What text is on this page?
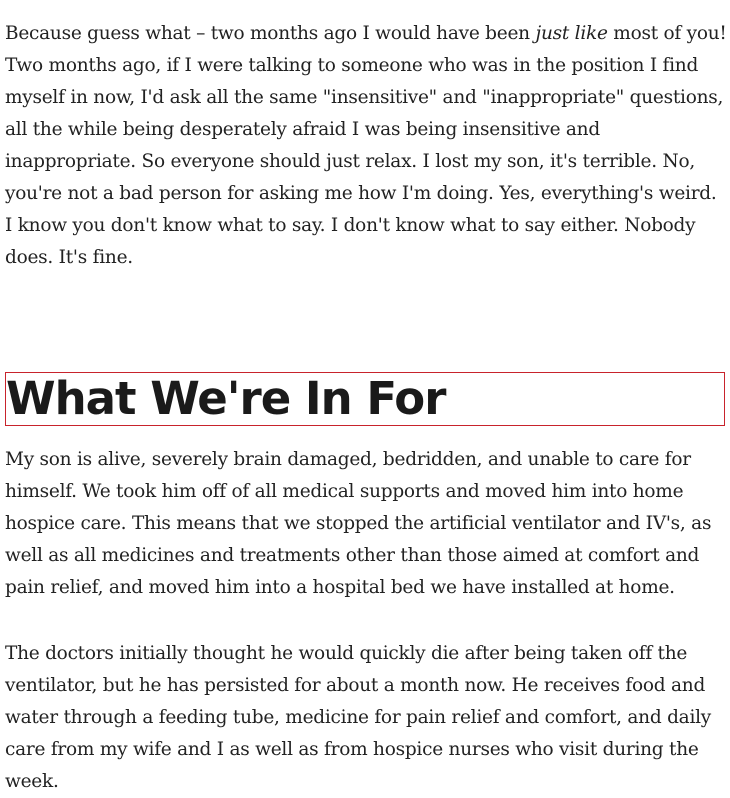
Because guess what – two months ago I would have been just like most of you! Two months ago, if I were talking to someone who was in the position I find myself in now, I'd ask all the same "insensitive" and "inappropriate" questions, all the while being desperately afraid I was being insensitive and inappropriate. So everyone should just relax. I lost my son, it's terrible. No, you're not a bad person for asking me how I'm doing. Yes, everything's weird. I know you don't know what to say. I don't know what to say either. Nobody does. It's fine.

What We're In For

My son is alive, severely brain damaged, bedridden, and unable to care for himself. We took him off of all medical supports and moved him into home hospice care. This means that we stopped the artificial ventilator and IV's, as well as all medicines and treatments other than those aimed at comfort and pain relief, and moved him into a hospital bed we have installed at home.

The doctors initially thought he would quickly die after being taken off the ventilator, but he has persisted for about a month now. He receives food and water through a feeding tube, medicine for pain relief and comfort, and daily care from my wife and I as well as from hospice nurses who visit during the week.
